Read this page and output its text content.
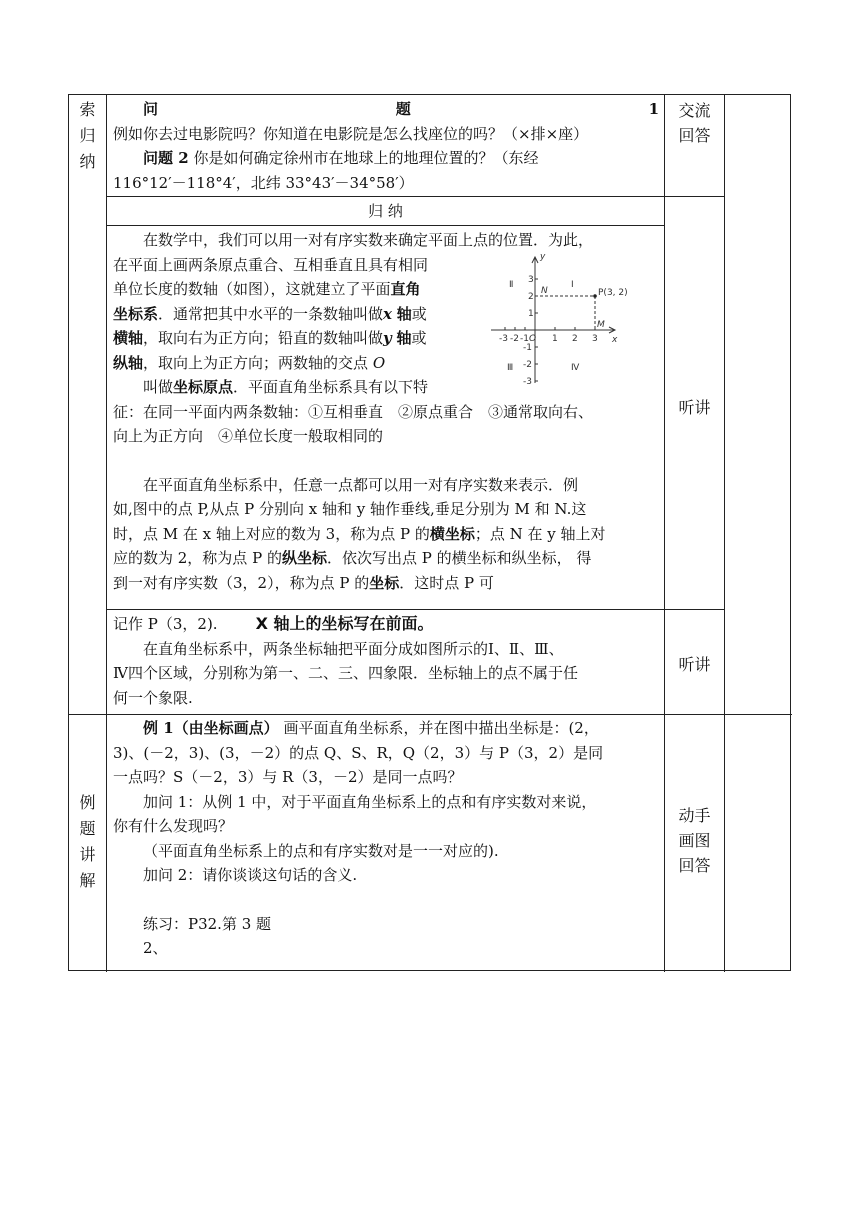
索
归
纳
例
题
讲
解
交流
回答
听讲
听讲
动手
画图
回答

问题1 例如你去过电影院吗？你知道在电影院是怎么找座位的吗？（×排×座）

问题 2 你是如何确定徐州市在地球上的地理位置的？（东经

116°12′－118°4′，北纬 33°43′－34°58′）

归 纳

在数学中，我们可以用一对有序实数来确定平面上点的位置．为此，

在平面上画两条原点重合、互相垂直且具有相同

单位长度的数轴（如图），这就建立了平面直角

坐标系．通常把其中水平的一条数轴叫做x 轴或

横轴，取向右为正方向；铅直的数轴叫做y 轴或

纵轴，取向上为正方向；两数轴的交点 O

叫做坐标原点．平面直角坐标系具有以下特

征：在同一平面内两条数轴：①互相垂直　②原点重合　③通常取向右、

向上为正方向　④单位长度一般取相同的

在平面直角坐标系中，任意一点都可以用一对有序实数来表示．例

如,图中的点 P,从点 P 分别向 x 轴和 y 轴作垂线,垂足分别为 M 和 N.这

时，点 M 在 x 轴上对应的数为 3，称为点 P 的横坐标；点 N 在 y 轴上对

应的数为 2，称为点 P 的纵坐标．依次写出点 P 的横坐标和纵坐标， 得

到一对有序实数（3，2），称为点 P 的坐标．这时点 P 可

-3 -2 -1 O 1 2 3 x
3
2
1
-1
-2
-3
y
N
M
P(3, 2)
Ⅱ	Ⅰ
Ⅲ	Ⅳ

记作 P（3，2). X 轴上的坐标写在前面。

在直角坐标系中，两条坐标轴把平面分成如图所示的Ⅰ、Ⅱ、Ⅲ、

Ⅳ四个区域，分别称为第一、二、三、四象限．坐标轴上的点不属于任

何一个象限.

例 1（由坐标画点） 画平面直角坐标系，并在图中描出坐标是：(2，

3)、(－2，3)、(3，－2）的点 Q、S、R，Q（2，3）与 P（3，2）是同

一点吗？S（－2，3）与 R（3，－2）是同一点吗？

加问 1：从例 1 中，对于平面直角坐标系上的点和有序实数对来说，

你有什么发现吗？

（平面直角坐标系上的点和有序实数对是一一对应的).

加问 2：请你谈谈这句话的含义.

练习：P32.第 3 题

2、
